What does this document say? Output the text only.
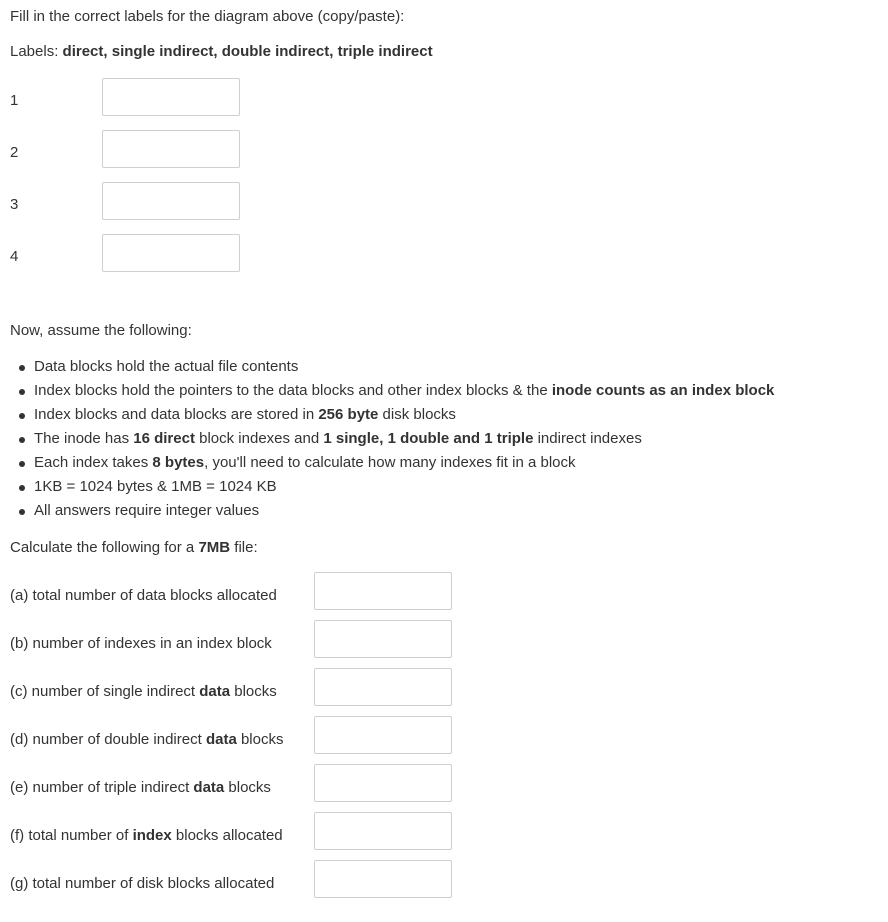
Fill in the correct labels for the diagram above (copy/paste):
Labels: direct, single indirect, double indirect, triple indirect
1
2
3
4
Now, assume the following:
Data blocks hold the actual file contents
Index blocks hold the pointers to the data blocks and other index blocks & the inode counts as an index block
Index blocks and data blocks are stored in 256 byte disk blocks
The inode has 16 direct block indexes and 1 single, 1 double and 1 triple indirect indexes
Each index takes 8 bytes, you'll need to calculate how many indexes fit in a block
1KB = 1024 bytes & 1MB = 1024 KB
All answers require integer values
Calculate the following for a 7MB file:
(a) total number of data blocks allocated
(b) number of indexes in an index block
(c) number of single indirect data blocks
(d) number of double indirect data blocks
(e) number of triple indirect data blocks
(f) total number of index blocks allocated
(g) total number of disk blocks allocated
